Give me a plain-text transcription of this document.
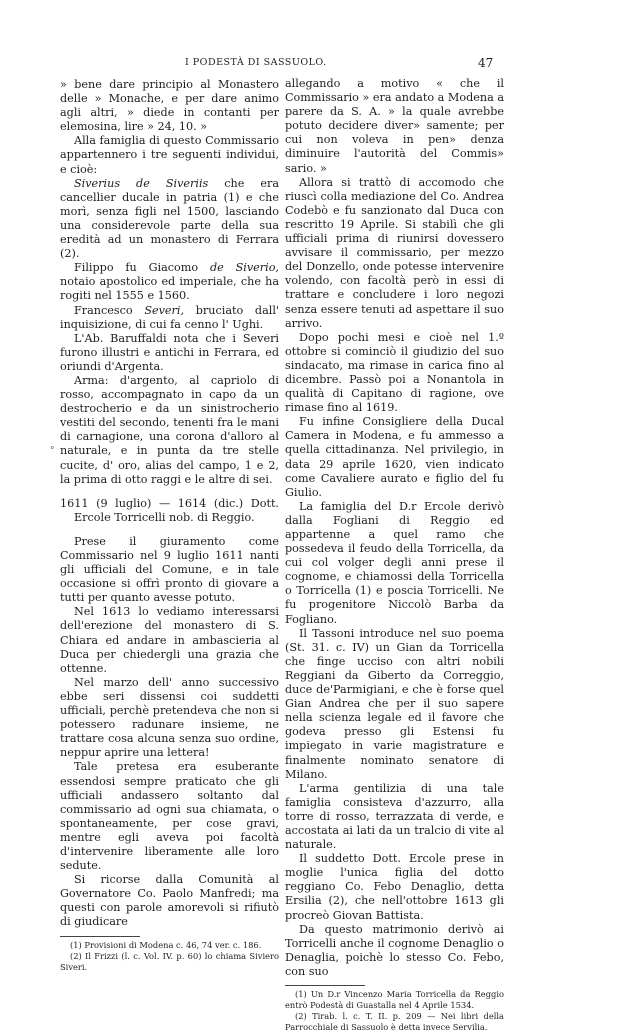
I PODESTÀ DI SASSUOLO.	47
°

» bene dare principio al Monastero delle » Monache, e per dare animo agli altri, » diede in contanti per elemosina, lire » 24, 10. »

Alla famiglia di questo Commissario appartennero i tre seguenti individui, e cioè:

Siverius de Siveriis che era cancellier ducale in patria (1) e che morì, senza figli nel 1500, lasciando una considerevole parte della sua eredità ad un monastero di Ferrara (2).

Filippo fu Giacomo de Siverio, notaio apostolico ed imperiale, che ha rogiti nel 1555 e 1560.

Francesco Severi, bruciato dall' inquisizione, di cui fa cenno l' Ughi.

L'Ab. Baruffaldi nota che i Severi furono illustri e antichi in Ferrara, ed oriundi d'Argenta.

Arma: d'argento, al capriolo di rosso, accompagnato in capo da un destrocherio e da un sinistrocherio vestiti del secondo, tenenti fra le mani di carnagione, una corona d'alloro al naturale, e in punta da tre stelle cucite, d' oro, alias del campo, 1 e 2, la prima di otto raggi e le altre di sei.

1611 (9 luglio) — 1614 (dic.) Dott. Ercole Torricelli nob. di Reggio.

Prese il giuramento come Commissario nel 9 luglio 1611 nanti gli ufficiali del Comune, e in tale occasione si offrì pronto di giovare a tutti per quanto avesse potuto.

Nel 1613 lo vediamo interessarsi dell'erezione del monastero di S. Chiara ed andare in ambascieria al Duca per chiedergli una grazia che ottenne.

Nel marzo dell' anno successivo ebbe seri dissensi coi suddetti ufficiali, perchè pretendeva che non si potessero radunare insieme, ne trattare cosa alcuna senza suo ordine, neppur aprire una lettera!

Tale pretesa era esuberante essendosi sempre praticato che gli ufficiali andassero soltanto dal commissario ad ogni sua chiamata, o spontaneamente, per cose gravi, mentre egli aveva poi facoltà d'intervenire liberamente alle loro sedute.

Si ricorse dalla Comunità al Governatore Co. Paolo Manfredi; ma questi con parole amorevoli si rifiutò di giudicare

(1) Provisioni di Modena c. 46, 74 ver. c. 186.

(2) Il Frizzi (l. c. Vol. IV. p. 60) lo chiama Siviero Siveri.

allegando a motivo « che il Commissario » era andato a Modena a parere da S. A. » la quale avrebbe potuto decidere diver» samente; per cui non voleva in pen» denza diminuire l'autorità del Commis» sario. »

Allora si trattò di accomodo che riuscì colla mediazione del Co. Andrea Codebò e fu sanzionato dal Duca con rescritto 19 Aprile. Si stabilì che gli ufficiali prima di riunirsi dovessero avvisare il commissario, per mezzo del Donzello, onde potesse intervenire volendo, con facoltà però in essi di trattare e concludere i loro negozi senza essere tenuti ad aspettare il suo arrivo.

Dopo pochi mesi e cioè nel 1.º ottobre si cominciò il giudizio del suo sindacato, ma rimase in carica fino al dicembre. Passò poi a Nonantola in qualità di Capitano di ragione, ove rimase fino al 1619.

Fu infine Consigliere della Ducal Camera in Modena, e fu ammesso a quella cittadinanza. Nel privilegio, in data 29 aprile 1620, vien indicato come Cavaliere aurato e figlio del fu Giulio.

La famiglia del D.r Ercole derivò dalla Fogliani di Reggio ed appartenne a quel ramo che possedeva il feudo della Torricella, da cui col volger degli anni prese il cognome, e chiamossi della Torricella o Torricella (1) e poscia Torricelli. Ne fu progenitore Niccolò Barba da Fogliano.

Il Tassoni introduce nel suo poema (St. 31. c. IV) un Gian da Torricella che finge ucciso con altri nobili Reggiani da Giberto da Correggio, duce de'Parmigiani, e che è forse quel Gian Andrea che per il suo sapere nella scienza legale ed il favore che godeva presso gli Estensi fu impiegato in varie magistrature e finalmente nominato senatore di Milano.

L'arma gentilizia di una tale famiglia consisteva d'azzurro, alla torre di rosso, terrazzata di verde, e accostata ai lati da un tralcio di vite al naturale.

Il suddetto Dott. Ercole prese in moglie l'unica figlia del dotto reggiano Co. Febo Denaglio, detta Ersilia (2), che nell'ottobre 1613 gli procreò Giovan Battista.

Da questo matrimonio derivò ai Torricelli anche il cognome Denaglio o Denaglia, poichè lo stesso Co. Febo, con suo

(1) Un D.r Vincenzo Maria Torricella da Reggio entrò Podestà di Guastalla nel 4 Aprile 1534.

(2) Tirab. l. c. T. II. p. 209 — Nei libri della Parrocchiale di Sassuolo è detta invece Servilia.
